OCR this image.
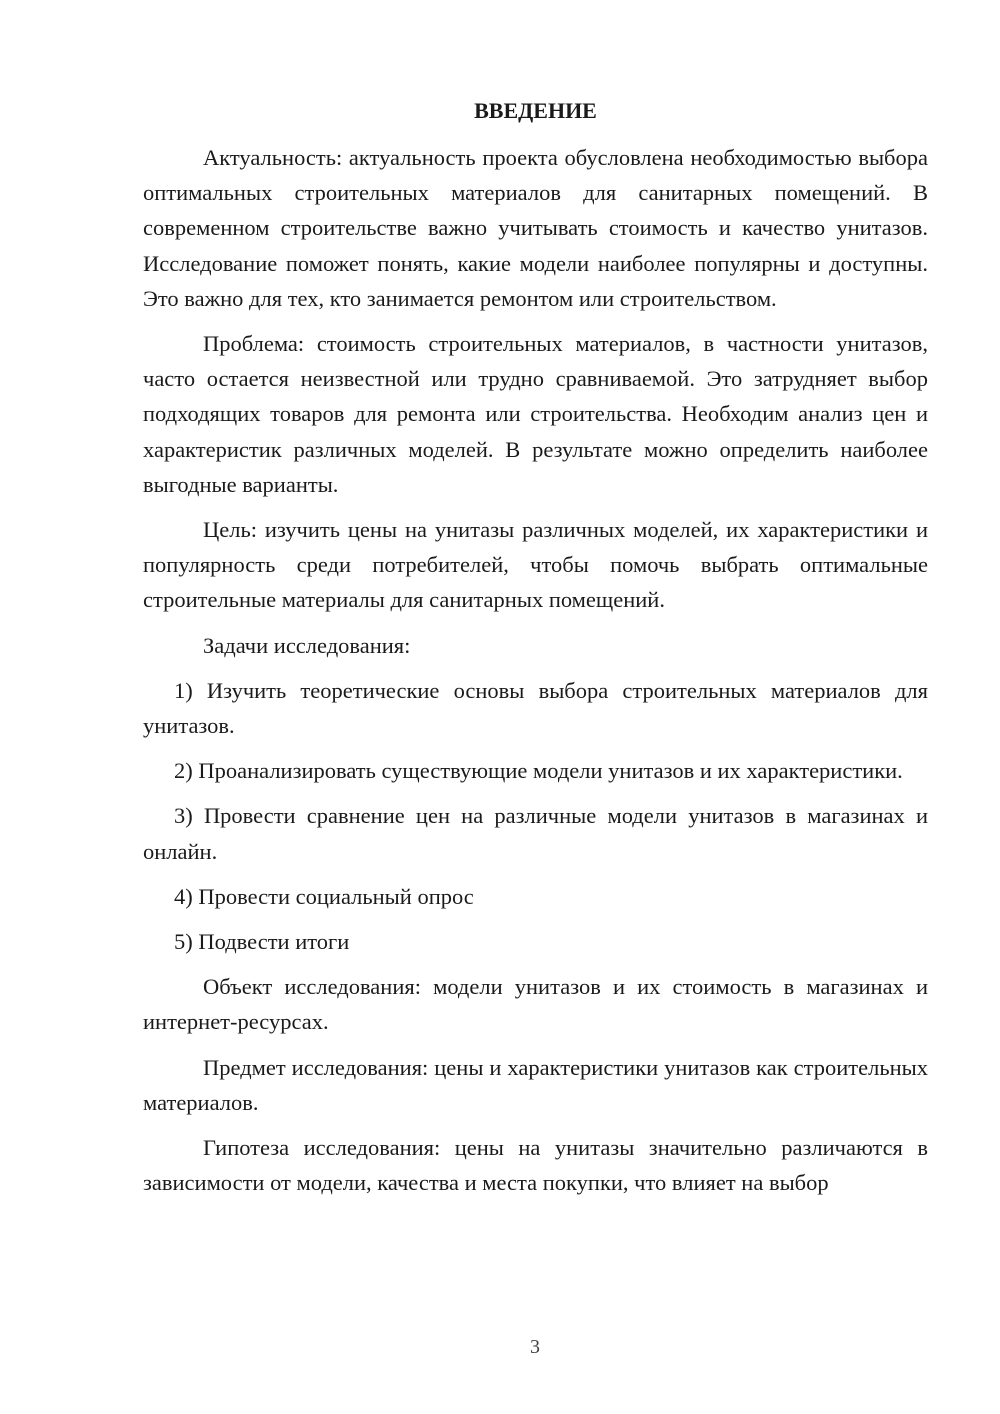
ВВЕДЕНИЕ

Актуальность: актуальность проекта обусловлена необходимостью выбора оптимальных строительных материалов для санитарных помещений. В современном строительстве важно учитывать стоимость и качество унитазов. Исследование поможет понять, какие модели наиболее популярны и доступны. Это важно для тех, кто занимается ремонтом или строительством.

Проблема: стоимость строительных материалов, в частности унитазов, часто остается неизвестной или трудно сравниваемой. Это затрудняет выбор подходящих товаров для ремонта или строительства. Необходим анализ цен и характеристик различных моделей. В результате можно определить наиболее выгодные варианты.

Цель: изучить цены на унитазы различных моделей, их характеристики и популярность среди потребителей, чтобы помочь выбрать оптимальные строительные материалы для санитарных помещений.

Задачи исследования:

1) Изучить теоретические основы выбора строительных материалов для унитазов.

2) Проанализировать существующие модели унитазов и их характеристики.

3) Провести сравнение цен на различные модели унитазов в магазинах и онлайн.

4) Провести социальный опрос

5) Подвести итоги

Объект исследования: модели унитазов и их стоимость в магазинах и интернет-ресурсах.

Предмет исследования: цены и характеристики унитазов как строительных материалов.

Гипотеза исследования: цены на унитазы значительно различаются в зависимости от модели, качества и места покупки, что влияет на выбор

3
